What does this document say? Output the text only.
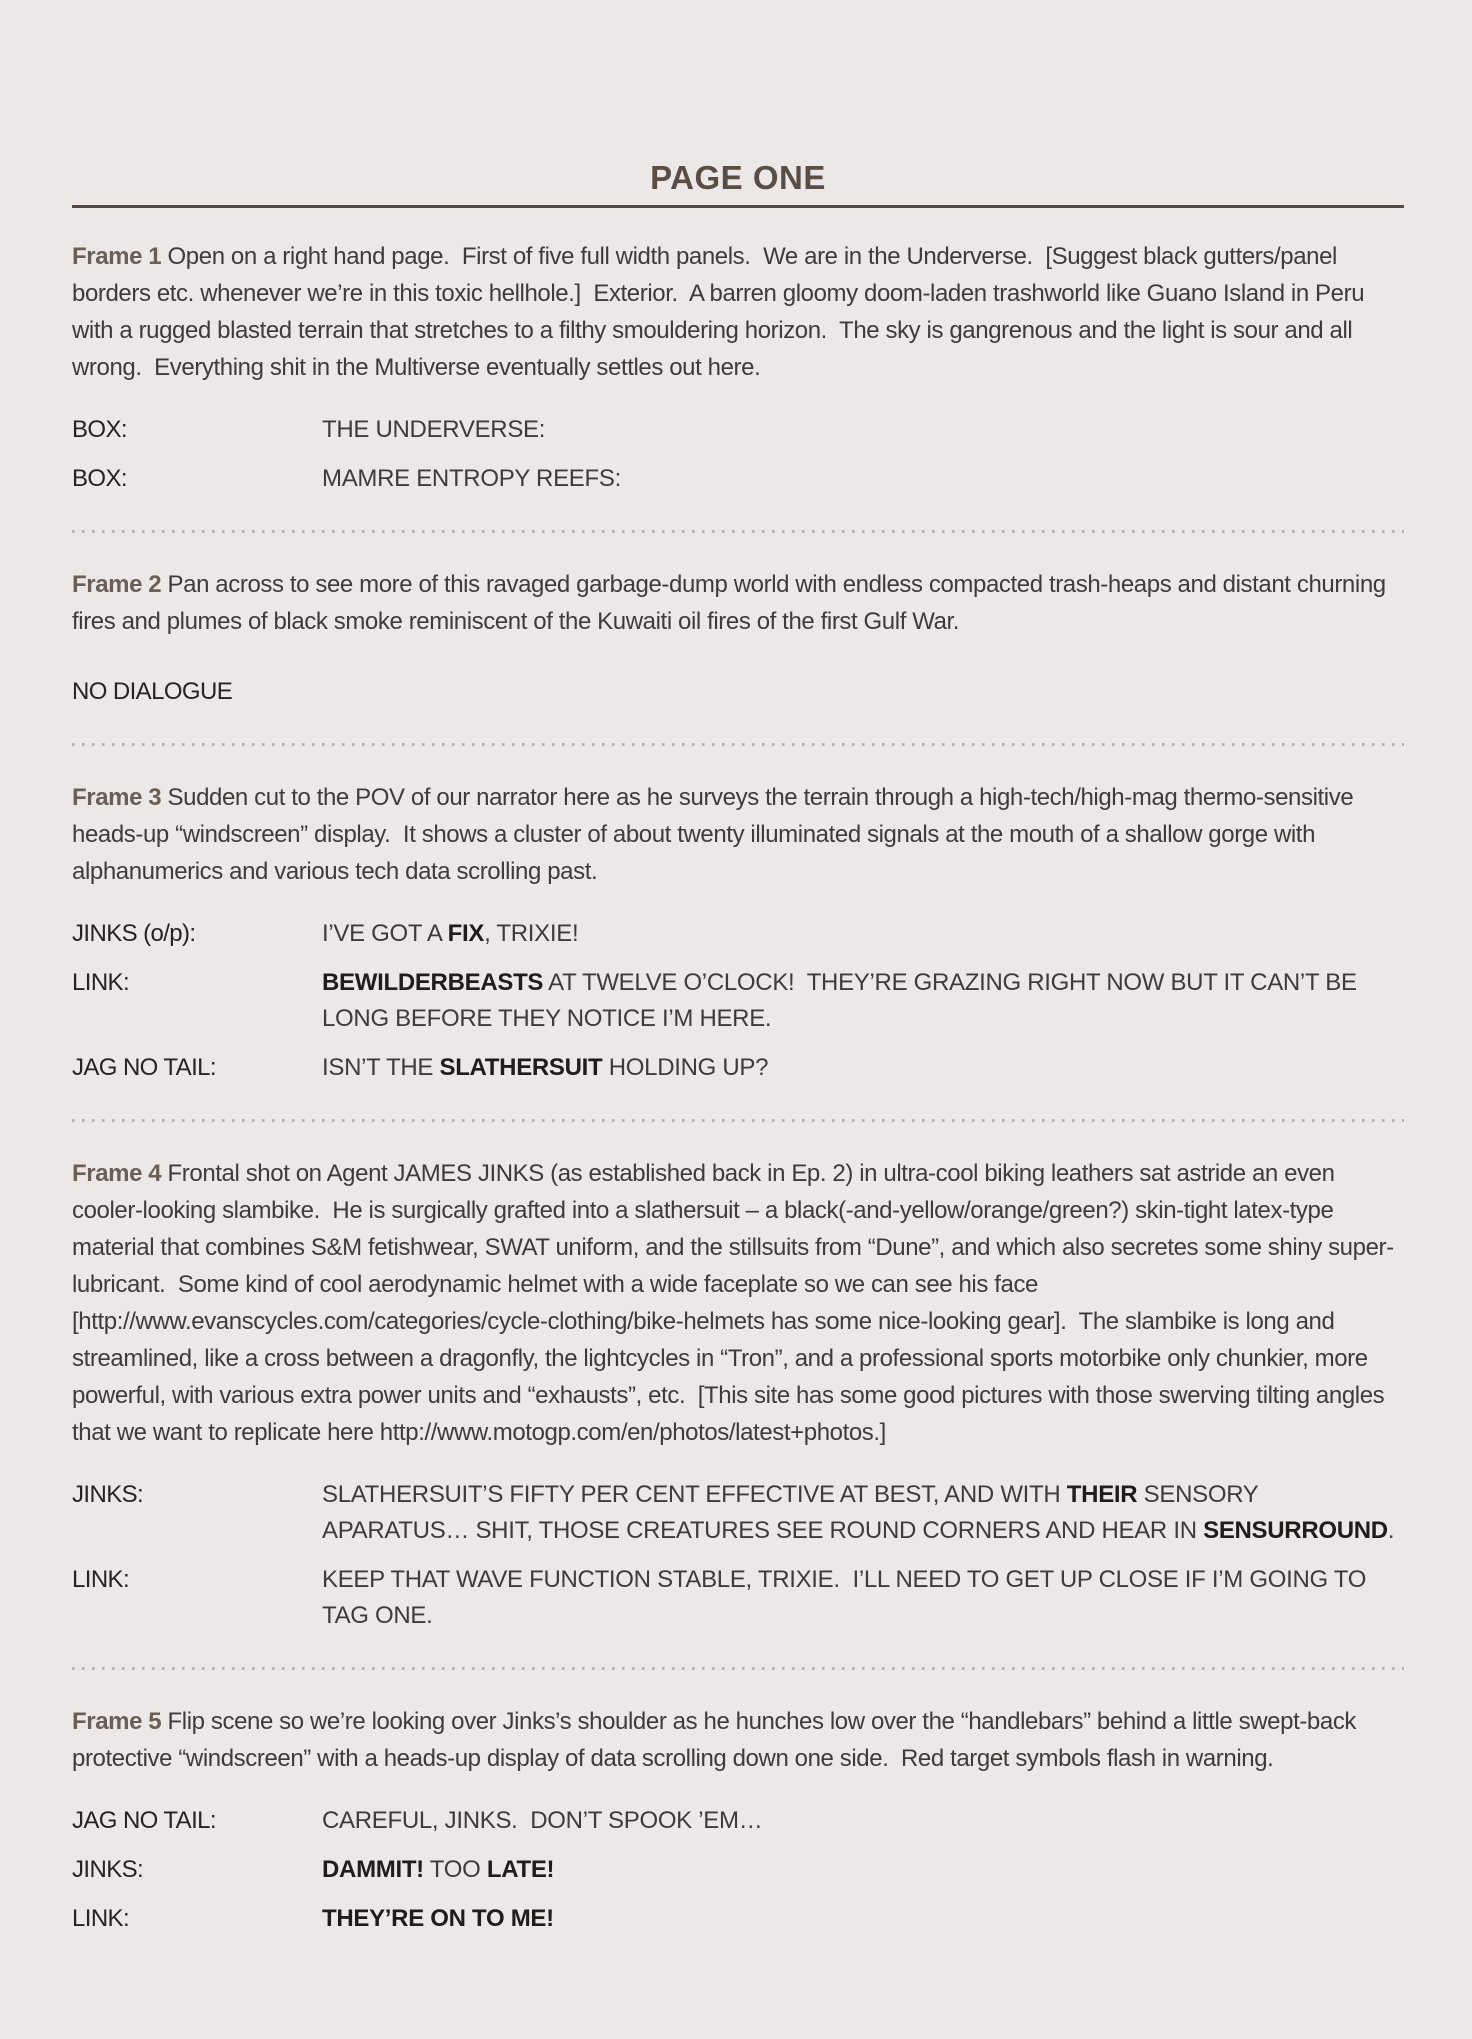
PAGE ONE
Frame 1 Open on a right hand page.  First of five full width panels.  We are in the Underverse.  [Suggest black gutters/panel borders etc. whenever we’re in this toxic hellhole.]  Exterior.  A barren gloomy doom-laden trashworld like Guano Island in Peru with a rugged blasted terrain that stretches to a filthy smouldering horizon.  The sky is gangrenous and the light is sour and all wrong.  Everything shit in the Multiverse eventually settles out here.
BOX:	THE UNDERVERSE:
BOX:	MAMRE ENTROPY REEFS:
Frame 2 Pan across to see more of this ravaged garbage-dump world with endless compacted trash-heaps and distant churning fires and plumes of black smoke reminiscent of the Kuwaiti oil fires of the first Gulf War.
NO DIALOGUE
Frame 3 Sudden cut to the POV of our narrator here as he surveys the terrain through a high-tech/high-mag thermo-sensitive heads-up “windscreen” display.  It shows a cluster of about twenty illuminated signals at the mouth of a shallow gorge with alphanumerics and various tech data scrolling past.
JINKS (o/p):	I’VE GOT A FIX, TRIXIE!
LINK:	BEWILDERBEASTS AT TWELVE O’CLOCK!  THEY’RE GRAZING RIGHT NOW BUT IT CAN’T BE LONG BEFORE THEY NOTICE I’M HERE.
JAG NO TAIL:	ISN’T THE SLATHERSUIT HOLDING UP?
Frame 4 Frontal shot on Agent JAMES JINKS (as established back in Ep. 2) in ultra-cool biking leathers sat astride an even cooler-looking slambike.  He is surgically grafted into a slathersuit – a black(-and-yellow/orange/green?) skin-tight latex-type material that combines S&M fetishwear, SWAT uniform, and the stillsuits from “Dune”, and which also secretes some shiny super-lubricant.  Some kind of cool aerodynamic helmet with a wide faceplate so we can see his face [http://www.evanscycles.com/categories/cycle-clothing/bike-helmets has some nice-looking gear].  The slambike is long and streamlined, like a cross between a dragonfly, the lightcycles in “Tron”, and a professional sports motorbike only chunkier, more powerful, with various extra power units and “exhausts”, etc.  [This site has some good pictures with those swerving tilting angles that we want to replicate here http://www.motogp.com/en/photos/latest+photos.]
JINKS:	SLATHERSUIT’S FIFTY PER CENT EFFECTIVE AT BEST, AND WITH THEIR SENSORY APARATUS… SHIT, THOSE CREATURES SEE ROUND CORNERS AND HEAR IN SENSURROUND.
LINK:	KEEP THAT WAVE FUNCTION STABLE, TRIXIE.  I’LL NEED TO GET UP CLOSE IF I’M GOING TO TAG ONE.
Frame 5 Flip scene so we’re looking over Jinks’s shoulder as he hunches low over the “handlebars” behind a little swept-back protective “windscreen” with a heads-up display of data scrolling down one side.  Red target symbols flash in warning.
JAG NO TAIL:	CAREFUL, JINKS.  DON’T SPOOK ’EM…
JINKS:	DAMMIT! TOO LATE!
LINK:	THEY’RE ON TO ME!
